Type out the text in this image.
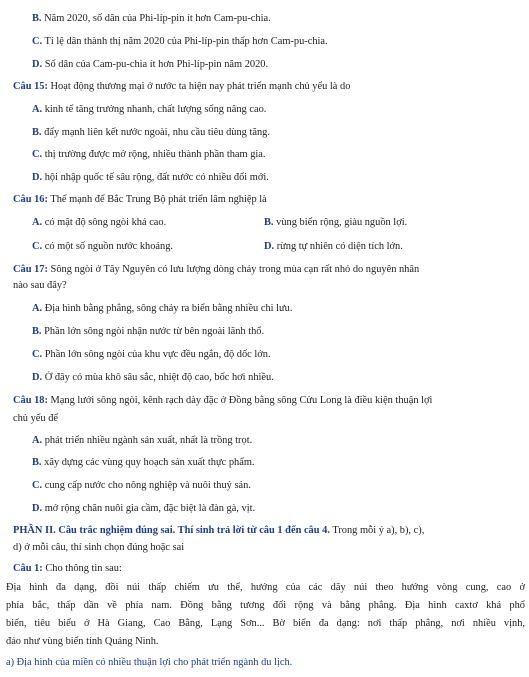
B. Năm 2020, số dân của Phi-líp-pin ít hơn Cam-pu-chia.
C. Tỉ lệ dân thành thị năm 2020 của Phi-líp-pin thấp hơn Cam-pu-chia.
D. Số dân của Cam-pu-chia ít hơn Phi-líp-pin năm 2020.
Câu 15: Hoạt động thương mại ở nước ta hiện nay phát triển mạnh chủ yếu là do
A. kinh tế tăng trưởng nhanh, chất lượng sống nâng cao.
B. đẩy mạnh liên kết nước ngoài, nhu cầu tiêu dùng tăng.
C. thị trường được mở rộng, nhiều thành phần tham gia.
D. hội nhập quốc tế sâu rộng, đất nước có nhiều đổi mới.
Câu 16: Thế mạnh để Bắc Trung Bộ phát triển lâm nghiệp là
A. có mật độ sông ngòi khá cao.	B. vùng biển rộng, giàu nguồn lợi.
C. có một số nguồn nước khoáng.	D. rừng tự nhiên có diện tích lớn.
Câu 17: Sông ngòi ở Tây Nguyên có lưu lượng dòng chảy trong mùa cạn rất nhỏ do nguyên nhân
nào sau đây?
A. Địa hình bằng phẳng, sông chảy ra biển bằng nhiều chi lưu.
B. Phần lớn sông ngòi nhận nước từ bên ngoài lãnh thổ.
C. Phần lớn sông ngòi của khu vực đều ngắn, độ dốc lớn.
D. Ở đây có mùa khô sâu sắc, nhiệt độ cao, bốc hơi nhiều.
Câu 18: Mạng lưới sông ngòi, kênh rạch dày đặc ở Đồng bằng sông Cửu Long là điều kiện thuận lợi
chủ yếu để
A. phát triển nhiều ngành sản xuất, nhất là trồng trọt.
B. xây dựng các vùng quy hoạch sản xuất thực phẩm.
C. cung cấp nước cho nông nghiệp và nuôi thuỷ sản.
D. mở rộng chăn nuôi gia cầm, đặc biệt là đàn gà, vịt.
PHẦN II. Câu trắc nghiệm đúng sai. Thí sinh trả lời từ câu 1 đến câu 4. Trong mỗi ý a), b), c),
d) ở mỗi câu, thí sinh chọn đúng hoặc sai
Câu 1: Cho thông tin sau:
Địa hình đa dạng, đồi núi thấp chiếm ưu thế, hướng của các dãy núi theo hướng vòng cung, cao ở
phía bắc, thấp dần về phía nam. Đồng bằng tương đối rộng và bằng phẳng. Địa hình caxtơ khá phổ
biến, tiêu biểu ở Hà Giang, Cao Bằng, Lạng Sơn... Bờ biển đa dạng: nơi thấp phẳng, nơi nhiều vịnh,
đảo như vùng biển tỉnh Quảng Ninh.
a) Địa hình của miền có nhiều thuận lợi cho phát triển ngành du lịch.
